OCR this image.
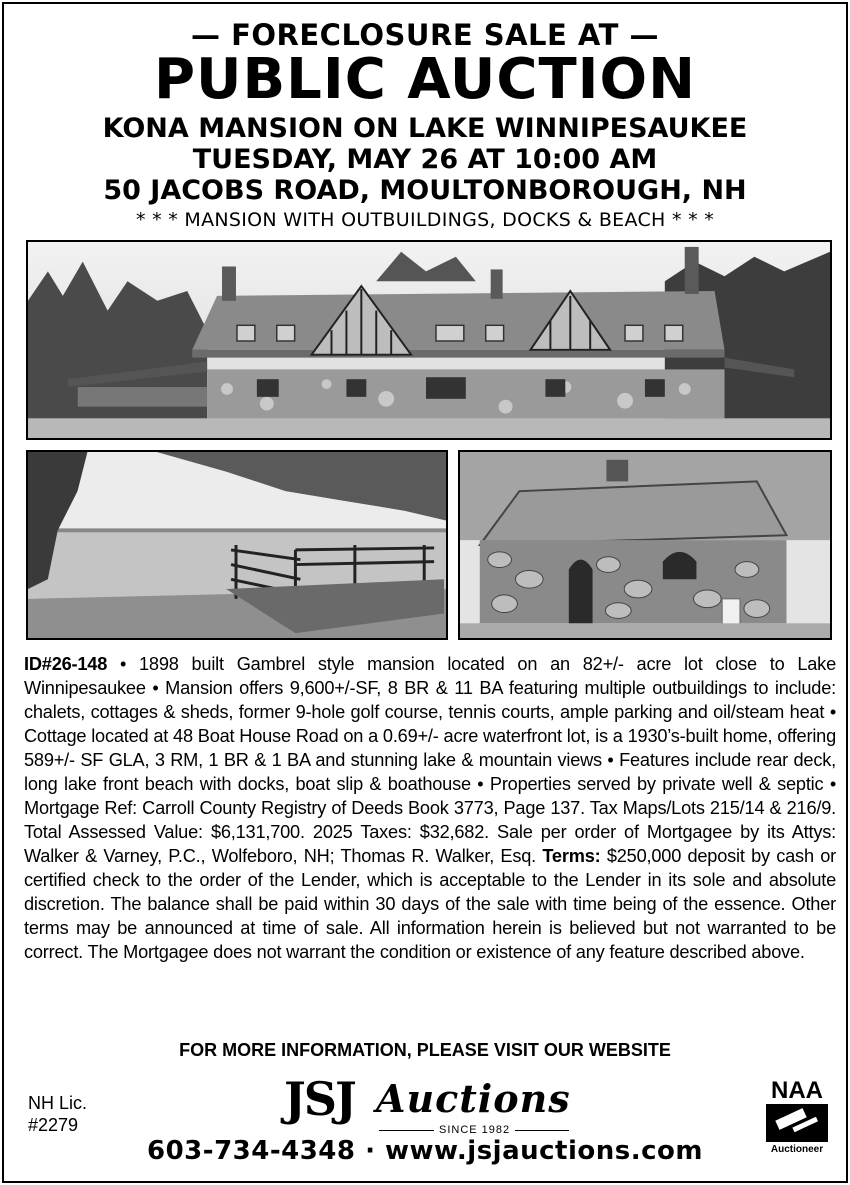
— FORECLOSURE SALE AT —
PUBLIC AUCTION
KONA MANSION ON LAKE WINNIPESAUKEE
TUESDAY, MAY 26 AT 10:00 AM
50 JACOBS ROAD, MOULTONBOROUGH, NH
* * * MANSION WITH OUTBUILDINGS, DOCKS & BEACH * * *
ID#26-148 • 1898 built Gambrel style mansion located on an 82+/- acre lot close to Lake Winnipesaukee • Mansion offers 9,600+/-SF, 8 BR & 11 BA featuring multiple outbuildings to include: chalets, cottages & sheds, former 9-hole golf course, tennis courts, ample parking and oil/steam heat • Cottage located at 48 Boat House Road on a 0.69+/- acre waterfront lot, is a 1930’s-built home, offering 589+/- SF GLA, 3 RM, 1 BR & 1 BA and stunning lake & mountain views • Features include rear deck, long lake front beach with docks, boat slip & boathouse • Properties served by private well & septic • Mortgage Ref: Carroll County Registry of Deeds Book 3773, Page 137. Tax Maps/Lots 215/14 & 216/9. Total Assessed Value: $6,131,700. 2025 Taxes: $32,682. Sale per order of Mortgagee by its Attys: Walker & Varney, P.C., Wolfeboro, NH; Thomas R. Walker, Esq. Terms: $250,000 deposit by cash or certified check to the order of the Lender, which is acceptable to the Lender in its sole and absolute discretion. The balance shall be paid within 30 days of the sale with time being of the essence. Other terms may be announced at time of sale. All information herein is believed but not warranted to be correct. The Mortgagee does not warrant the condition or existence of any feature described above.
FOR MORE INFORMATION, PLEASE VISIT OUR WEBSITE
NH Lic.
#2279	JSJ Auctions
SINCE 1982
603-734-4348 · www.jsjauctions.com
NAA
Auctioneer
